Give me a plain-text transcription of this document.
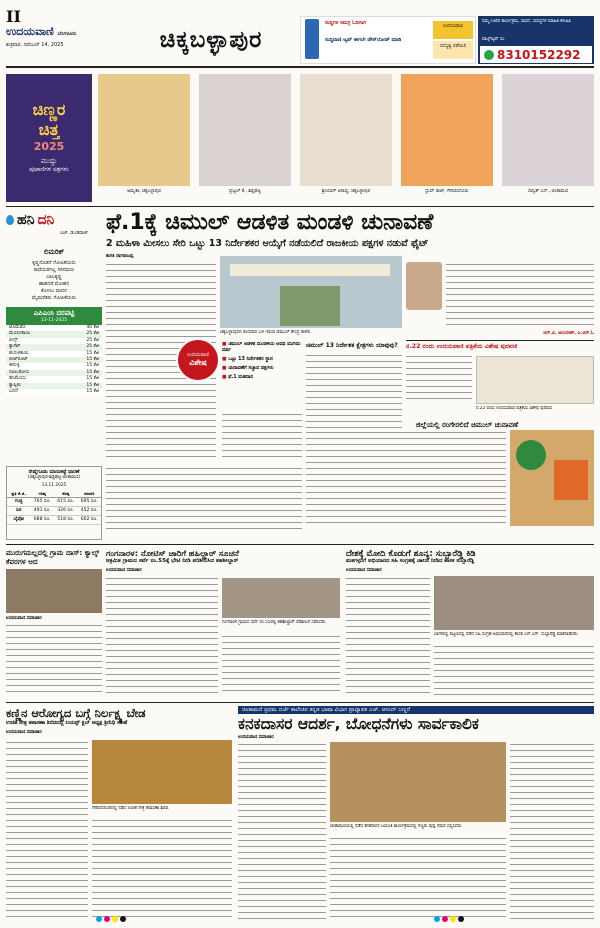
II
ಉದಯವಾಣಿ ಬೆಂಗಳೂರು
ಶುಕ್ರವಾರ, ನವೆಂಬರ್ 14, 2025	ಚಿಕ್ಕಬಳ್ಳಾಪುರ
ಸುದ್ದಿಗಳ ಸಮಗ್ರ ಓದಿಗಾಗಿ
ಸುದ್ದಿವಾಣಿ ಆ್ಯಪ್ ಈಗಲೇ ಡೌನ್‌ಲೋಡ್ ಮಾಡಿ
ಉದಯವಾಣಿ
ಸದಸ್ಯತ್ವ ಪಡೆಯಿರಿ
ನಿಮ್ಮ ಊರಿನ ಕಾರ್ಯಕ್ರಮ, ಸಾಧನೆ, ಸಮಸ್ಯೆಗಳ ಮಾಹಿತಿ ಕಳುಹಿಸಿ
ವಾಟ್ಸ್‌ಆ್ಯಪ್ ಸಂ.
8310152292
ಚಿಣ್ಣರ
ಚಿತ್ತ
2025
ಮುದ್ದು
ಪುಟಾಣಿಗಳ ಚಿತ್ರಗಳು
ಅಮೃತಾ, ಚಿಕ್ಕಬಳ್ಳಾಪುರ	ಪ್ರಜ್ವಲ್ ಕೆ., ಶಿಡ್ಲಘಟ್ಟ	ಶ್ರೀಯಾನ್ ಆರಾಧ್ಯ, ಚಿಕ್ಕಬಳ್ಳಾಪುರ	ಧ್ರುವ್ ರಾಜ್, ಗೌರಿಬಿದನೂರು	ಸಾನ್ವಿತ್ ಎಸ್., ಚಿಂತಾಮಣಿ
ಹನಿ ದನಿ
ಎಚ್. ಡುಂಡಿರಾಜ್
ಲಿಮರಿಕ್
ಕೃಷ್ಣನೊಡನೆ ಗೋಪಿಕೆಯರು
ರಾಧೆಯರಿಗಿಲ್ಲ ಸರಿಸಮರು
ಬಾಲಕೃಷ್ಣ
ಹಾಡಿದರೆ ಮೋಹನ
ಕೊಳಲು ವಾದನ
ಮೈಮರೆತರು ಗೋಪಿಕೆಯರು
ಎಪಿಎಂಸಿ ದರಪಟ್ಟಿ
13-11-2025
ಟೊಮೆಟೊ	40 ಕೆಜಿ
ಮೆಣಸಿನಕಾಯಿ	25 ಕೆಜಿ
ಬೀನ್ಸ್	25 ಕೆಜಿ
ಕ್ಯಾರೆಟ್	25 ಕೆಜಿ
ಹುರುಳಿಕಾಯಿ	15 ಕೆಜಿ
ಬೀಟ್‌ರೂಟ್	15 ಕೆಜಿ
ಈರುಳ್ಳಿ	15 ಕೆಜಿ
ನವಿಲುಕೋಸು	15 ಕೆಜಿ
ಹಸಿಮೆಣಸು	15 ಕೆಜಿ
ಕ್ಯಾಪ್ಸಿಕಂ	15 ಕೆಜಿ
ಬದನೆ	15 ಕೆಜಿ
ರೇಷ್ಮೆಗೂಡು ಮಾರುಕಟ್ಟೆ ಧಾರಣೆ
(ಚಿಕ್ಕಬಳ್ಳಾಪುರ-ಶಿಡ್ಲಘಟ್ಟ-ಚಿಂತಾಮಣಿ)
13.11.2025
ಪ್ರತಿ ಕೆ.ಜಿ.	ಗರಿಷ್ಠ	ಕನಿಷ್ಠ	ಸರಾಸರಿ
ಗುಚ್ಛ	765 ರೂ.	615 ರೂ.	695 ರೂ.
ಸಿಬಿ	491 ರೂ.	326 ರೂ.	452 ರೂ.
ಬೈವೋ	688 ರೂ.	518 ರೂ.	602 ರೂ.
ಫೆ.1ಕ್ಕೆ ಚಿಮುಲ್ ಆಡಳಿತ ಮಂಡಳಿ ಚುನಾವಣೆ
2 ಮಹಿಳಾ ಮೀಸಲು ಸೇರಿ ಒಟ್ಟು 13 ನಿರ್ದೇಶಕರ ಆಯ್ಕೆಗೆ ನಡೆಯಲಿದೆ ರಾಜಕೀಯ ಪಕ್ಷಗಳ ನಡುವೆ ಫೈಟ್
ಕಾಗತಿ ನಾಗರಾಜಪ್ಪ
ಚಿಕ್ಕಬಳ್ಳಾಪುರದ ಕಂದವಾರ ಬಳಿ ಇರುವ ಚಿಮುಲ್ ಕೇಂದ್ರ ಕಚೇರಿ.
ಉದಯವಾಣಿ
ವಿಶೇಷ
■ ಚಿಮುಲ್ ಆಡಳಿತ ಮಂಡಳಿಯ ಅವಧಿ ಮುಗಿದು ವರ್ಷ
■ ಒಟ್ಟು 13 ನಿರ್ದೇಶಕರ ಸ್ಥಾನ
■ ಚುನಾವಣೆಗೆ ಸಜ್ಜಾದ ಪಕ್ಷಗಳು
■ ಫೆ.1 ಮತದಾನ
ಚಿಮುಲ್ 13 ನಿರ್ದೇಶಕ ಕ್ಷೇತ್ರಗಳು ಯಾವುವು?
ಆರ್.ವಿ. ಅಂಬರೀಶ್, ಎ.ಆರ್.ಓ
ನ.22 ರಂದು ಉದಯವಾಣಿ ಪತ್ರಿಕೆಯ ವಿಶೇಷ ಪುರವಣಿ
ನ.22 ರಂದು ಉದಯವಾಣಿ ಪತ್ರಿಕೆಯ ವಿಶೇಷ ಪುರವಣಿ
ಜಿಲ್ಲೆಯಲ್ಲಿ ರಂಗೇರಲಿದೆ ಚಿಮುಲ್ ಚುನಾವಣೆ
ಮುರುಗಮಲ್ಲದಲ್ಲಿ ಗ್ರಾಮ ದಾಸ್: ಕ್ಯಾಲ್ಕ್ ಕೆವರಗಳ ಆದ
ಉದಯವಾಣಿ ಸಮಾಚಾರ
ಗಂಗನಾರಳ: ನೋಟಿಸ್ ಜಾರಿಗೆ ಹಹಿಲ್ದಾರ್ ಸೂಚನೆ
ಆಕ್ರಮಿತ ಗ್ರಾಮದ ಸರ್ವೆ ನಂ.55ಕ್ಕೆ ಭೇಟಿ ನೀಡಿ ಪರಿಶೀಲಿಸಿದ ತಹಶೀಲ್ದಾರ್
ಉದಯವಾಣಿ ಸಮಾಚಾರ
ಗಂಗನಾರಳ ಗ್ರಾಮದ ಸರ್ವೆ ನಂ.55ರಲ್ಲಿ ತಹಶೀಲ್ದಾರ್ ಪರಿಶೀಲನೆ ನಡೆಸಿದರು.
ದೇಶಕ್ಕೆ ಮೋದಿ ಕೊಡುಗೆ ಶೂನ್ಯ: ಸುಬ್ಬಾರೆಡ್ಡಿ ಕಿಡಿ
ಮತಗಳ್ಳರಿಗೆ ಅಭಿಯಾನದ ಸಹಿ ಸಂಗ್ರಹಕ್ಕೆ ಚಾಲನೆ ನೀಡಿದ ಶಾಸಕ ಸುಬ್ಬಾರೆಡ್ಡಿ
ಉದಯವಾಣಿ ಸಮಾಚಾರ
ಬಾಗೇಪಲ್ಲಿ ಪಟ್ಟಣದಲ್ಲಿ ನಡೆದ ಸಹಿ ಸಂಗ್ರಹ ಅಭಿಯಾನದಲ್ಲಿ ಶಾಸಕ ಎಸ್.ಎನ್. ಸುಬ್ಬಾರೆಡ್ಡಿ ಮಾತನಾಡಿದರು.
ಕಣ್ಣಿನ ಆರೋಗ್ಯದ ಬಗ್ಗೆ ನಿರ್ಲಕ್ಷ್ಯ ಬೇಡ
ಉಚಿತ ನೇತ್ರ ತಪಾಸಣಾ ಶಿಬಿರದಲ್ಲಿ ಲಯನ್ಸ್ ಕ್ಲಬ್ ಅಧ್ಯಕ್ಷ ಶ್ರೀನಿಧಿ ಸಲಹೆ
ಉದಯವಾಣಿ ಸಮಾಚಾರ
ಗೌರಿಬಿದನೂರಿನಲ್ಲಿ ನಡೆದ ಉಚಿತ ನೇತ್ರ ತಪಾಸಣಾ ಶಿಬಿರ.
ಚಿಂತಾಮಣಿ ಪ್ರಥಮ ದರ್ಜೆ ಕಾಲೇಜಿನ ಕನ್ನಡ ಭಾಷಾ ವಿಭಾಗ ಪ್ರಾಧ್ಯಾಪಕ ಎಚ್. ಆನಂದ್ ಬಣ್ಣನೆ
ಕನಕದಾಸರ ಆದರ್ಶ, ಬೋಧನೆಗಳು ಸಾರ್ವಕಾಲಿಕ
ಉದಯವಾಣಿ ಸಮಾಚಾರ
ಚಿಂತಾಮಣಿಯಲ್ಲಿ ನಡೆದ ಕನಕದಾಸರ ಜಯಂತಿ ಕಾರ್ಯಕ್ರಮದಲ್ಲಿ ಗಣ್ಯರು ಪುಷ್ಪ ನಮನ ಸಲ್ಲಿಸಿದರು.
